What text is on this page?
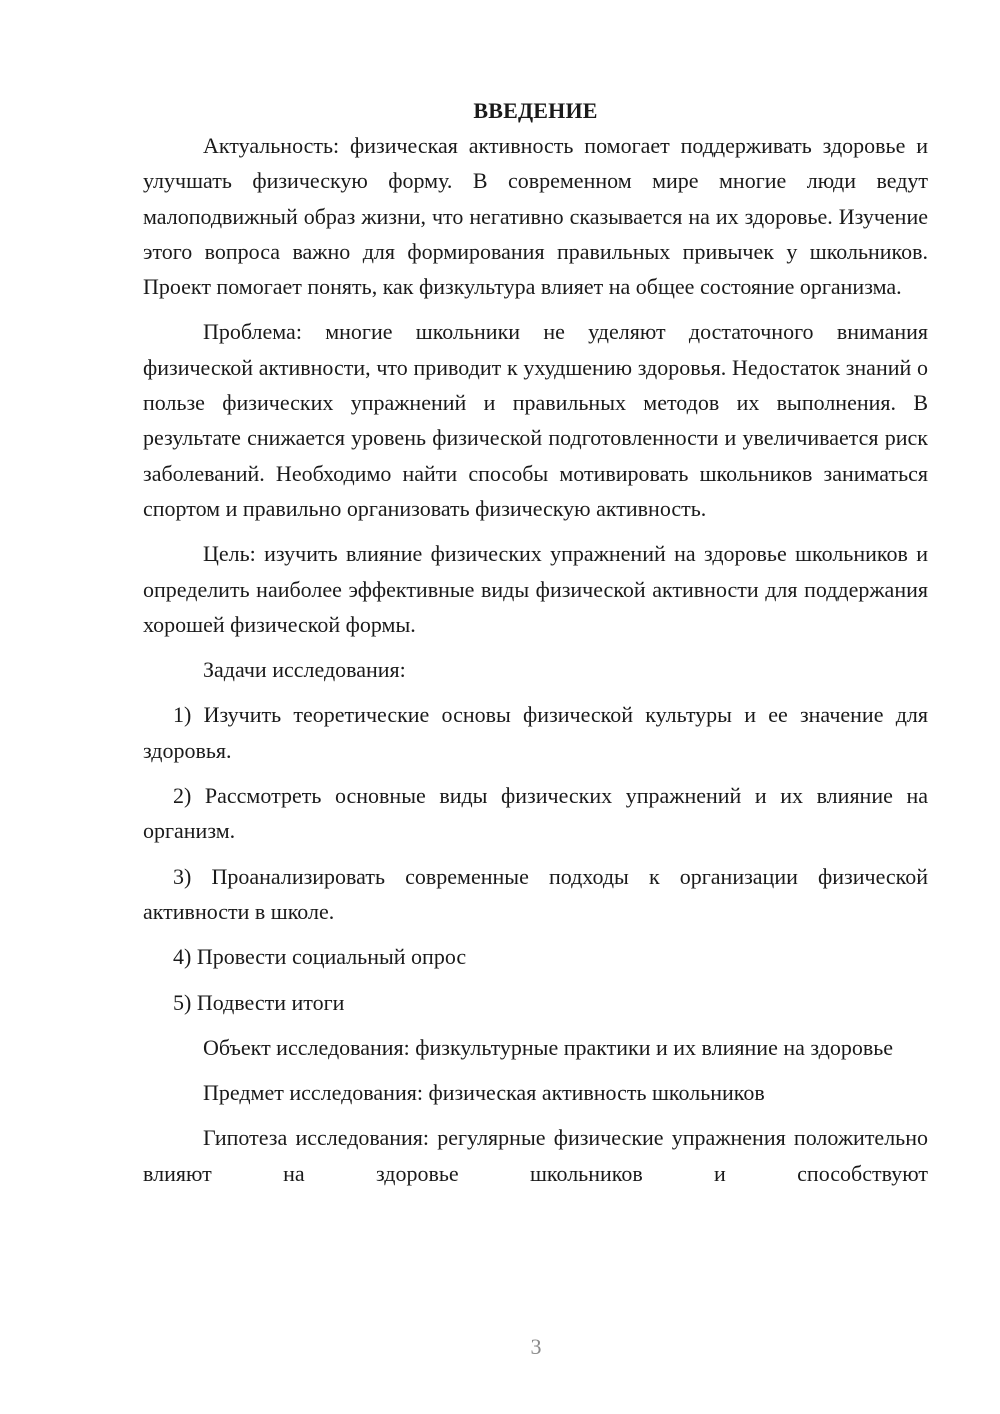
ВВЕДЕНИЕ

Актуальность: физическая активность помогает поддерживать здоровье и улучшать физическую форму. В современном мире многие люди ведут малоподвижный образ жизни, что негативно сказывается на их здоровье. Изучение этого вопроса важно для формирования правильных привычек у школьников. Проект помогает понять, как физкультура влияет на общее состояние организма.

Проблема: многие школьники не уделяют достаточного внимания физической активности, что приводит к ухудшению здоровья. Недостаток знаний о пользе физических упражнений и правильных методов их выполнения. В результате снижается уровень физической подготовленности и увеличивается риск заболеваний. Необходимо найти способы мотивировать школьников заниматься спортом и правильно организовать физическую активность.

Цель: изучить влияние физических упражнений на здоровье школьников и определить наиболее эффективные виды физической активности для поддержания хорошей физической формы.

Задачи исследования:

1) Изучить теоретические основы физической культуры и ее значение для здоровья.

2) Рассмотреть основные виды физических упражнений и их влияние на организм.

3) Проанализировать современные подходы к организации физической активности в школе.

4) Провести социальный опрос

5) Подвести итоги

Объект исследования: физкультурные практики и их влияние на здоровье

Предмет исследования: физическая активность школьников

Гипотеза исследования: регулярные физические упражнения положительно влияют на здоровье школьников и способствуют

3
